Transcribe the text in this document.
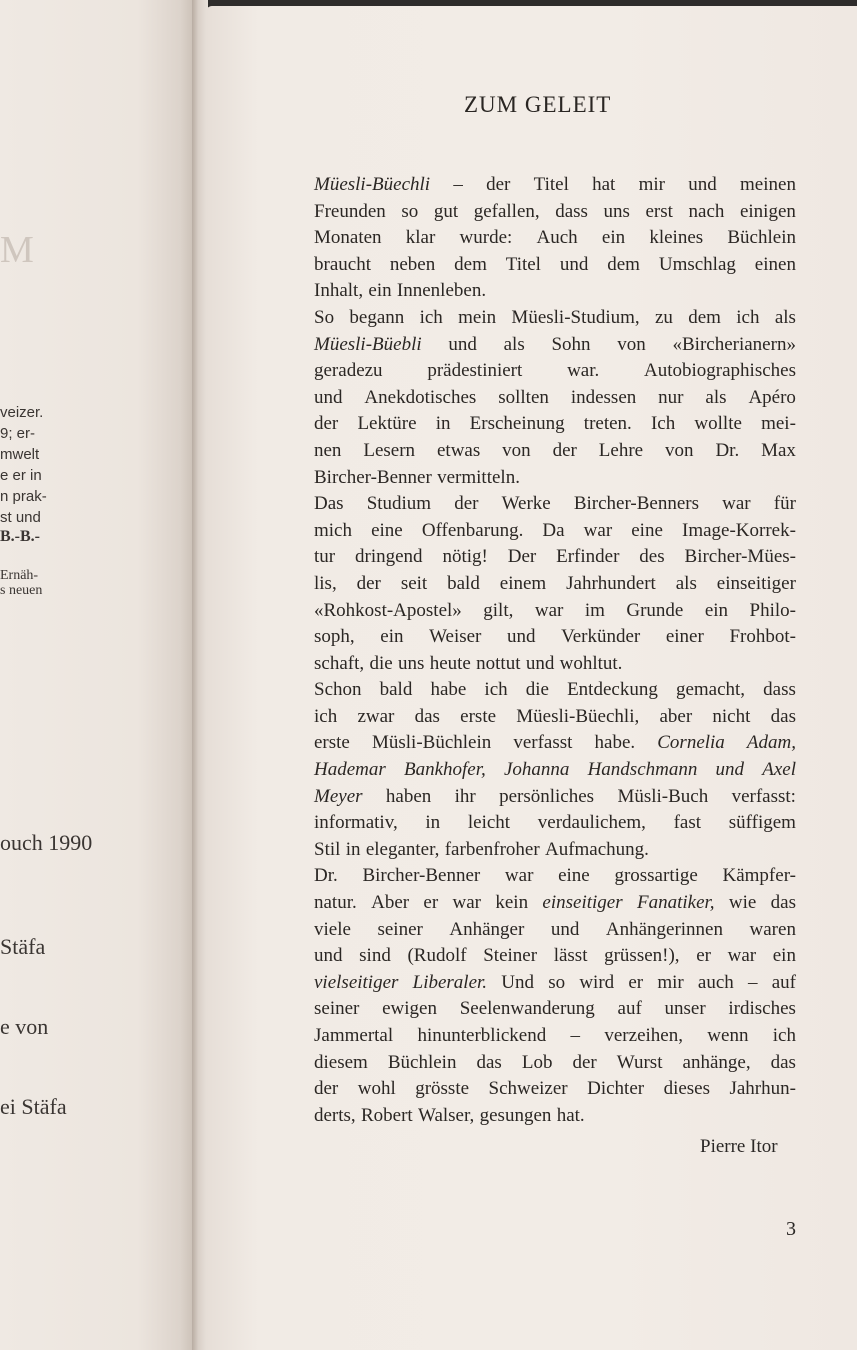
M
veizer.
9; er-
mwelt
e er in
n prak-
st und
B.-B.-
Ernäh-
s neuen
ouch 1990
Stäfa
e von
ei Stäfa
ZUM GELEIT
Müesli-Büechli – der Titel hat mir und meinen
Freunden so gut gefallen, dass uns erst nach einigen
Monaten klar wurde: Auch ein kleines Büchlein
braucht neben dem Titel und dem Umschlag einen
Inhalt, ein Innenleben.
So begann ich mein Müesli-Studium, zu dem ich als
Müesli-Büebli und als Sohn von «Bircherianern»
geradezu prädestiniert war. Autobiographisches
und Anekdotisches sollten indessen nur als Apéro
der Lektüre in Erscheinung treten. Ich wollte mei-
nen Lesern etwas von der Lehre von Dr. Max
Bircher-Benner vermitteln.
Das Studium der Werke Bircher-Benners war für
mich eine Offenbarung. Da war eine Image-Korrek-
tur dringend nötig! Der Erfinder des Bircher-Mües-
lis, der seit bald einem Jahrhundert als einseitiger
«Rohkost-Apostel» gilt, war im Grunde ein Philo-
soph, ein Weiser und Verkünder einer Frohbot-
schaft, die uns heute nottut und wohltut.
Schon bald habe ich die Entdeckung gemacht, dass
ich zwar das erste Müesli-Büechli, aber nicht das
erste Müsli-Büchlein verfasst habe. Cornelia Adam,
Hademar Bankhofer, Johanna Handschmann und Axel
Meyer haben ihr persönliches Müsli-Buch verfasst:
informativ, in leicht verdaulichem, fast süffigem
Stil in eleganter, farbenfroher Aufmachung.
Dr. Bircher-Benner war eine grossartige Kämpfer-
natur. Aber er war kein einseitiger Fanatiker, wie das
viele seiner Anhänger und Anhängerinnen waren
und sind (Rudolf Steiner lässt grüssen!), er war ein
vielseitiger Liberaler. Und so wird er mir auch – auf
seiner ewigen Seelenwanderung auf unser irdisches
Jammertal hinunterblickend – verzeihen, wenn ich
diesem Büchlein das Lob der Wurst anhänge, das
der wohl grösste Schweizer Dichter dieses Jahrhun-
derts, Robert Walser, gesungen hat.
Pierre Itor
3
